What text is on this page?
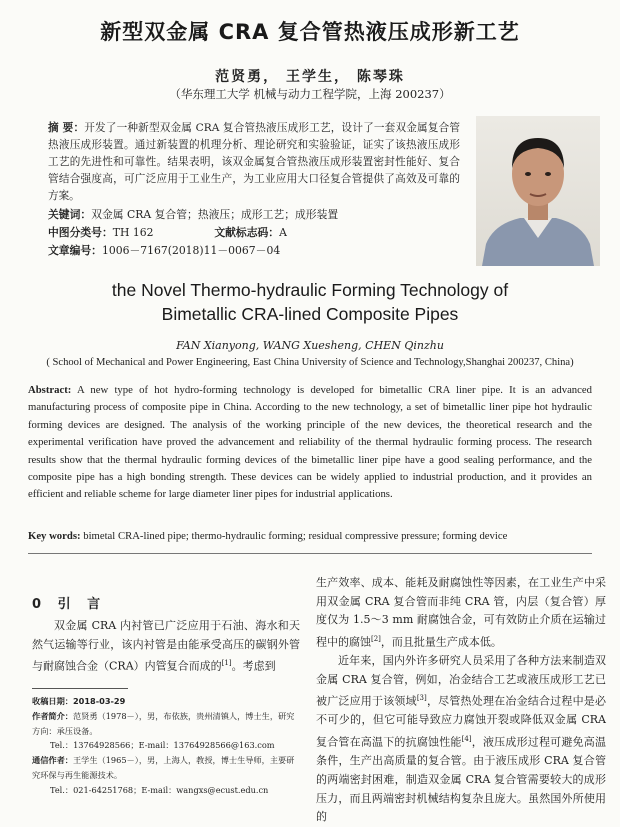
新型双金属 CRA 复合管热液压成形新工艺
范贤勇， 王学生， 陈琴珠
（华东理工大学 机械与动力工程学院，上海 200237）
摘 要：开发了一种新型双金属 CRA 复合管热液压成形工艺，设计了一套双金属复合管热液压成形装置。通过新装置的机理分析、理论研究和实验验证，证实了该热液压成形工艺的先进性和可靠性。结果表明，该双金属复合管热液压成形装置密封性能好、复合管结合强度高，可广泛应用于工业生产，为工业应用大口径复合管提供了高效及可靠的方案。
关键词：双金属 CRA 复合管；热液压；成形工艺；成形装置
中图分类号：TH 162	文献标志码：A
文章编号：1006－7167(2018)11－0067－04
the Novel Thermo-hydraulic Forming Technology of
Bimetallic CRA-lined Composite Pipes
FAN Xianyong, WANG Xuesheng, CHEN Qinzhu
( School of Mechanical and Power Engineering, East China University of Science and Technology,Shanghai 200237, China)
Abstract: A new type of hot hydro-forming technology is developed for bimetallic CRA liner pipe. It is an advanced manufacturing process of composite pipe in China. According to the new technology, a set of bimetallic liner pipe hot hydraulic forming devices are designed. The analysis of the working principle of the new devices, the theoretical research and the experimental verification have proved the advancement and reliability of the thermal hydraulic forming process. The research results show that the thermal hydraulic forming devices of the bimetallic liner pipe have a good sealing performance, and the composite pipe has a high bonding strength. These devices can be widely applied to industrial production, and it provides an efficient and reliable scheme for large diameter liner pipes for industrial applications.
Key words: bimetal CRA-lined pipe; thermo-hydraulic forming; residual compressive pressure; forming device
0 引 言
双金属 CRA 内衬管已广泛应用于石油、海水和天然气运输等行业，该内衬管是由能承受高压的碳钢外管与耐腐蚀合金（CRA）内管复合而成的[1]。考虑到
收稿日期：2018-03-29
作者简介：范贤勇（1978－），男，布依族，贵州清镇人，博士生，研究方向：承压设备。
Tel.：13764928566；E-mail：13764928566@163.com
通信作者：王学生（1965－），男，上海人，教授，博士生导师，主要研究环保与再生能源技术。
Tel.：021-64251768；E-mail：wangxs@ecust.edu.cn

生产效率、成本、能耗及耐腐蚀性等因素，在工业生产中采用双金属 CRA 复合管而非纯 CRA 管，内层（复合管）厚度仅为 1.5～3 mm 耐腐蚀合金，可有效防止介质在运输过程中的腐蚀[2]，而且批量生产成本低。

近年来，国内外许多研究人员采用了各种方法来制造双金属 CRA 复合管，例如，冶金结合工艺或液压成形工艺已被广泛应用于该领域[3]，尽管热处理在冶金结合过程中是必不可少的，但它可能导致应力腐蚀开裂或降低双金属 CRA 复合管在高温下的抗腐蚀性能[4]，液压成形过程可避免高温条件，生产出高质量的复合管。由于液压成形 CRA 复合管的两端密封困难，制造双金属 CRA 复合管需要较大的成形压力，而且两端密封机械结构复杂且庞大。虽然国外所使用的
